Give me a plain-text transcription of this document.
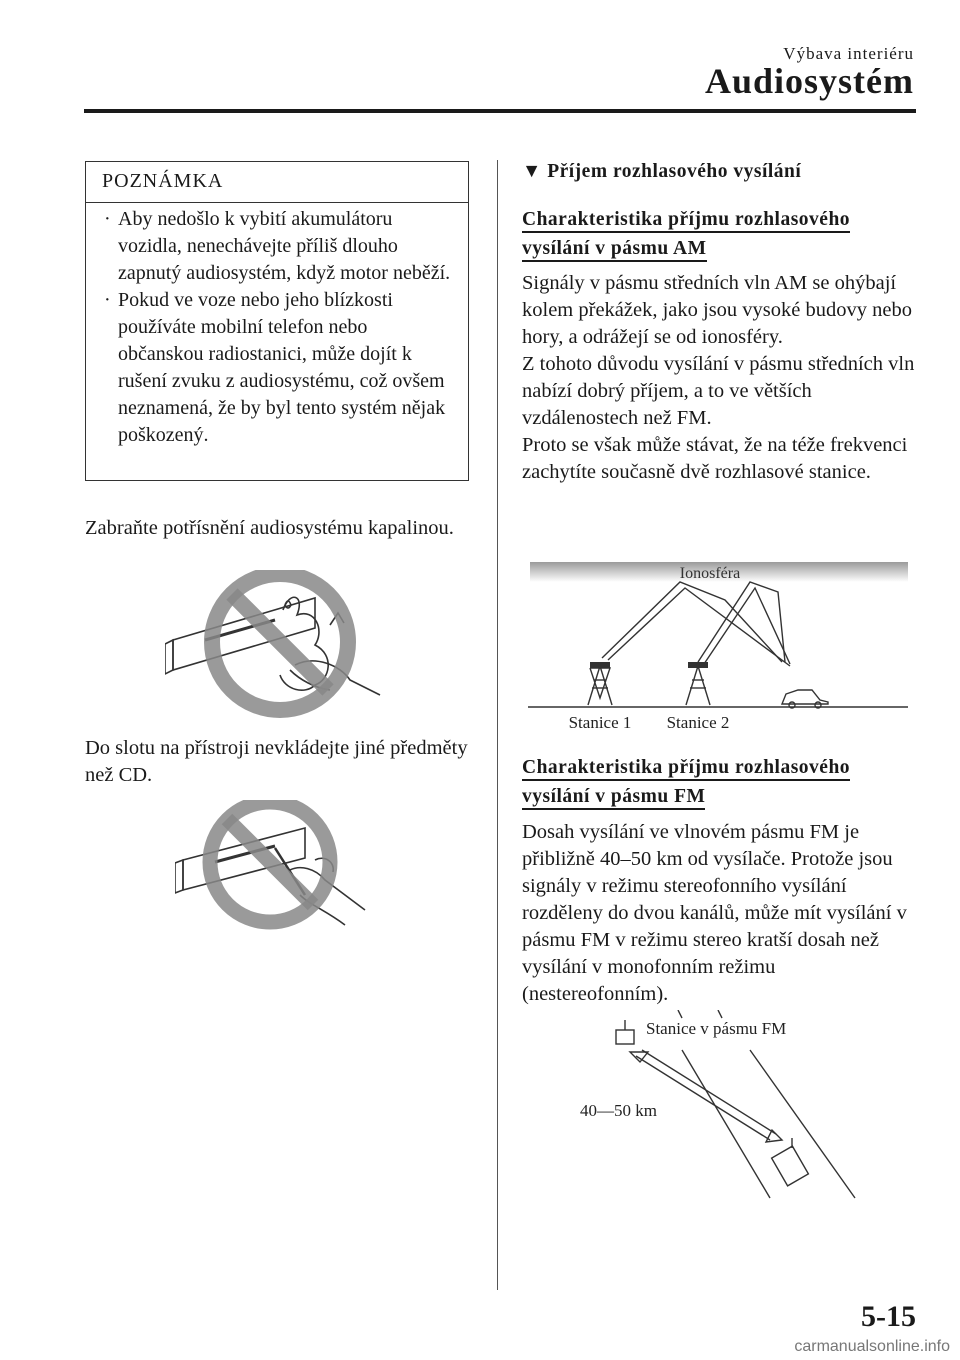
Výbava interiéru
Audiosystém
POZNÁMKA
· Aby nedošlo k vybití akumulátoru vozidla, nenechávejte příliš dlouho zapnutý audiosystém, když motor neběží.
· Pokud ve voze nebo jeho blízkosti používáte mobilní telefon nebo občanskou radiostanici, může dojít k rušení zvuku z audiosystému, což ovšem neznamená, že by byl tento systém nějak poškozený.
Zabraňte potřísnění audiosystému kapalinou.
Do slotu na přístroji nevkládejte jiné předměty než CD.
▼ Příjem rozhlasového vysílání
Charakteristika příjmu rozhlasového
vysílání v pásmu AM
Signály v pásmu středních vln AM se ohýbají kolem překážek, jako jsou vysoké budovy nebo hory, a odrážejí se od ionosféry.
Z tohoto důvodu vysílání v pásmu středních vln nabízí dobrý příjem, a to ve větších vzdálenostech než FM.
Proto se však může stávat, že na téže frekvenci zachytíte současně dvě rozhlasové stanice.
Ionosféra
Stanice 1 Stanice 2
Charakteristika příjmu rozhlasového
vysílání v pásmu FM
Dosah vysílání ve vlnovém pásmu FM je přibližně 40–50 km od vysílače. Protože jsou signály v režimu stereofonního vysílání rozděleny do dvou kanálů, může mít vysílání v pásmu FM v režimu stereo kratší dosah než vysílání v monofonním režimu (nestereofonním).
Stanice v pásmu FM
40—50 km
5-15
carmanualsonline.info
